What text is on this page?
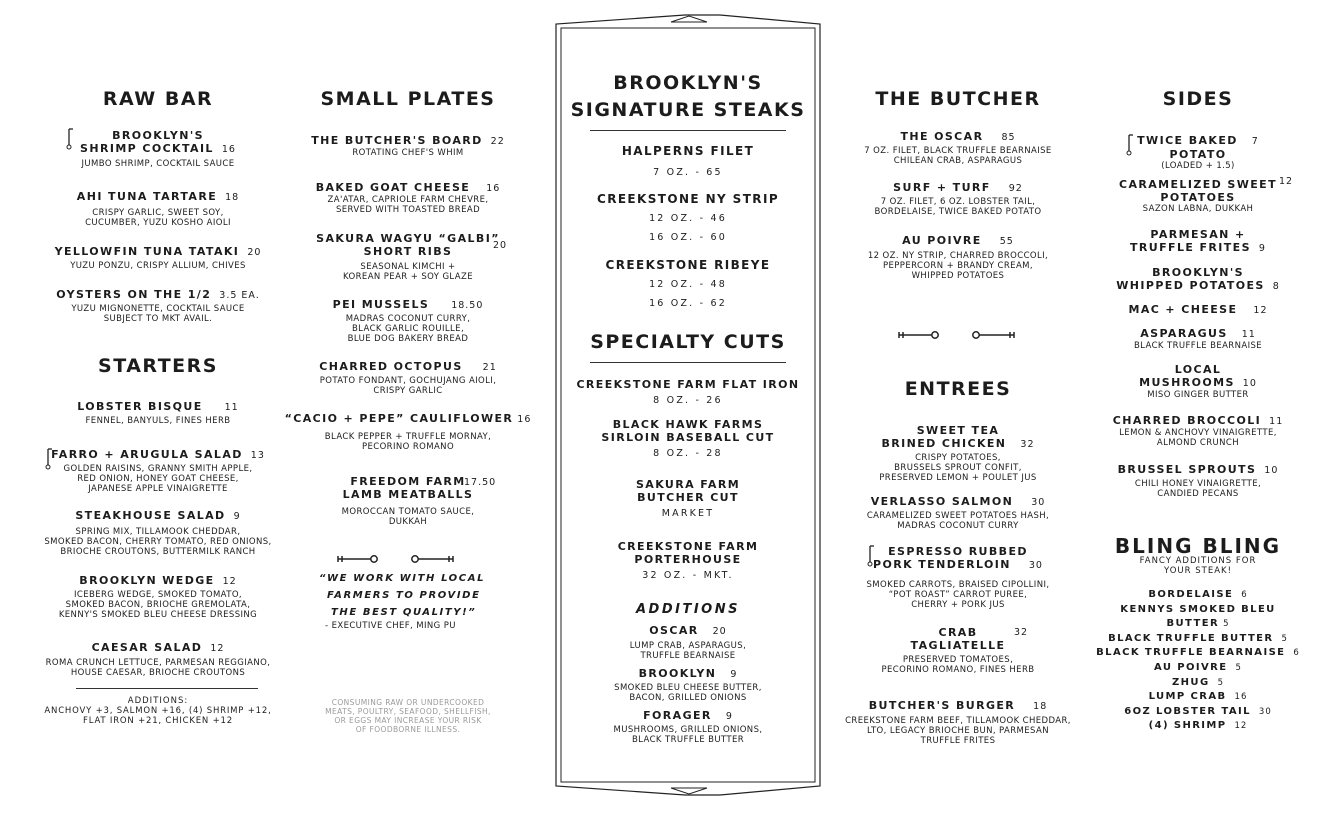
RAW BAR
BROOKLYN'S
SHRIMP COCKTAIL 16
JUMBO SHRIMP, COCKTAIL SAUCE
AHI TUNA TARTARE 18
CRISPY GARLIC, SWEET SOY,
CUCUMBER, YUZU KOSHO AIOLI
YELLOWFIN TUNA TATAKI 20
YUZU PONZU, CRISPY ALLIUM, CHIVES
OYSTERS ON THE 1/2 3.5 EA.
YUZU MIGNONETTE, COCKTAIL SAUCE
SUBJECT TO MKT AVAIL.
STARTERS
LOBSTER BISQUE 11
FENNEL, BANYULS, FINES HERB
FARRO + ARUGULA SALAD 13
GOLDEN RAISINS, GRANNY SMITH APPLE,
RED ONION, HONEY GOAT CHEESE,
JAPANESE APPLE VINAIGRETTE
STEAKHOUSE SALAD 9
SPRING MIX, TILLAMOOK CHEDDAR,
SMOKED BACON, CHERRY TOMATO, RED ONIONS,
BRIOCHE CROUTONS, BUTTERMILK RANCH
BROOKLYN WEDGE 12
ICEBERG WEDGE, SMOKED TOMATO,
SMOKED BACON, BRIOCHE GREMOLATA,
KENNY'S SMOKED BLEU CHEESE DRESSING
CAESAR SALAD 12
ROMA CRUNCH LETTUCE, PARMESAN REGGIANO,
HOUSE CAESAR, BRIOCHE CROUTONS
ADDITIONS:
ANCHOVY +3, SALMON +16, (4) SHRIMP +12,
FLAT IRON +21, CHICKEN +12
SMALL PLATES
THE BUTCHER'S BOARD 22
ROTATING CHEF'S WHIM
BAKED GOAT CHEESE 16
ZA'ATAR, CAPRIOLE FARM CHEVRE,
SERVED WITH TOASTED BREAD
SAKURA WAGYU “GALBI”
SHORT RIBS
SEASONAL KIMCHI +
KOREAN PEAR + SOY GLAZE
20
PEI MUSSELS 18.50
MADRAS COCONUT CURRY,
BLACK GARLIC ROUILLE,
BLUE DOG BAKERY BREAD
CHARRED OCTOPUS 21
POTATO FONDANT, GOCHUJANG AIOLI,
CRISPY GARLIC
“CACIO + PEPE” CAULIFLOWER 16
BLACK PEPPER + TRUFFLE MORNAY,
PECORINO ROMANO
FREEDOM FARM
LAMB MEATBALLS
MOROCCAN TOMATO SAUCE,
DUKKAH
17.50
“WE WORK WITH LOCAL
FARMERS TO PROVIDE
THE BEST QUALITY!”
- EXECUTIVE CHEF, MING PU
CONSUMING RAW OR UNDERCOOKED
MEATS, POULTRY, SEAFOOD, SHELLFISH,
OR EGGS MAY INCREASE YOUR RISK
OF FOODBORNE ILLNESS.
BROOKLYN'S
SIGNATURE STEAKS
HALPERNS FILET
7 OZ. - 65
CREEKSTONE NY STRIP
12 OZ. - 46
16 OZ. - 60
CREEKSTONE RIBEYE
12 OZ. - 48
16 OZ. - 62
SPECIALTY CUTS
CREEKSTONE FARM FLAT IRON
8 OZ. - 26
BLACK HAWK FARMS
SIRLOIN BASEBALL CUT
8 OZ. - 28
SAKURA FARM
BUTCHER CUT
MARKET
CREEKSTONE FARM
PORTERHOUSE
32 OZ. - MKT.
ADDITIONS
OSCAR 20
LUMP CRAB, ASPARAGUS,
TRUFFLE BEARNAISE
BROOKLYN 9
SMOKED BLEU CHEESE BUTTER,
BACON, GRILLED ONIONS
FORAGER 9
MUSHROOMS, GRILLED ONIONS,
BLACK TRUFFLE BUTTER
THE BUTCHER
THE OSCAR 85
7 OZ. FILET, BLACK TRUFFLE BEARNAISE
CHILEAN CRAB, ASPARAGUS
SURF + TURF 92
7 OZ. FILET, 6 OZ. LOBSTER TAIL,
BORDELAISE, TWICE BAKED POTATO
AU POIVRE 55
12 OZ. NY STRIP, CHARRED BROCCOLI,
PEPPERCORN + BRANDY CREAM,
WHIPPED POTATOES
ENTREES
SWEET TEA
BRINED CHICKEN 32
CRISPY POTATOES,
BRUSSELS SPROUT CONFIT,
PRESERVED LEMON + POULET JUS
VERLASSO SALMON 30
CARAMELIZED SWEET POTATOES HASH,
MADRAS COCONUT CURRY
ESPRESSO RUBBED
PORK TENDERLOIN 30
SMOKED CARROTS, BRAISED CIPOLLINI,
“POT ROAST” CARROT PUREE,
CHERRY + PORK JUS
CRAB
TAGLIATELLE
PRESERVED TOMATOES,
PECORINO ROMANO, FINES HERB
32
BUTCHER'S BURGER 18
CREEKSTONE FARM BEEF, TILLAMOOK CHEDDAR,
LTO, LEGACY BRIOCHE BUN, PARMESAN
TRUFFLE FRITES
SIDES
TWICE BAKED 7
POTATO
(LOADED + 1.5)
CARAMELIZED SWEET
POTATOES
SAZON LABNA, DUKKAH
12
PARMESAN +
TRUFFLE FRITES 9
BROOKLYN'S
WHIPPED POTATOES 8
MAC + CHEESE 12
ASPARAGUS 11
BLACK TRUFFLE BEARNAISE
LOCAL
MUSHROOMS 10
MISO GINGER BUTTER
CHARRED BROCCOLI 11
LEMON & ANCHOVY VINAIGRETTE,
ALMOND CRUNCH
BRUSSEL SPROUTS 10
CHILI HONEY VINAIGRETTE,
CANDIED PECANS
BLING BLING
FANCY ADDITIONS FOR
YOUR STEAK!
BORDELAISE 6
KENNYS SMOKED BLEU BUTTER 5
BLACK TRUFFLE BUTTER 5
BLACK TRUFFLE BEARNAISE 6
AU POIVRE 5
ZHUG 5
LUMP CRAB 16
6OZ LOBSTER TAIL 30
(4) SHRIMP 12
